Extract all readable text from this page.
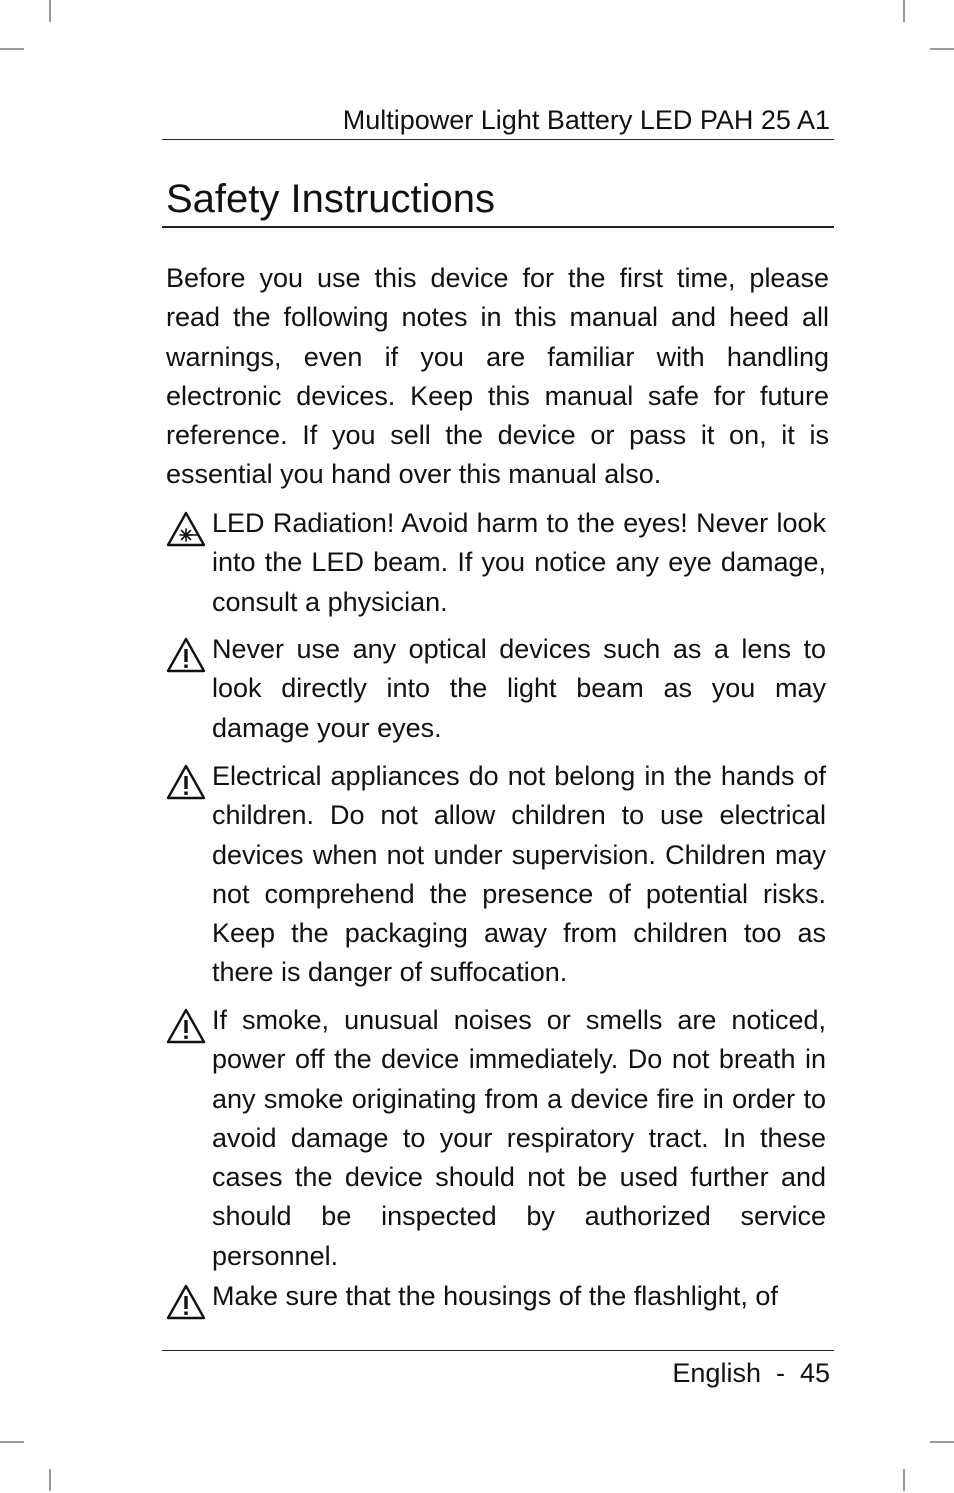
Multipower Light Battery LED PAH 25 A1
Safety Instructions

Before you use this device for the first time, please read the following notes in this manual and heed all warnings, even if you are familiar with handling electronic devices. Keep this manual safe for future reference. If you sell the device or pass it on, it is essential you hand over this manual also.

LED Radiation! Avoid harm to the eyes! Never look into the LED beam. If you notice any eye damage, consult a physician.

Never use any optical devices such as a lens to look directly into the light beam as you may damage your eyes.

Electrical appliances do not belong in the hands of children. Do not allow children to use electrical devices when not under supervision. Children may not comprehend the presence of potential risks. Keep the packaging away from children too as there is danger of suffocation.

If smoke, unusual noises or smells are noticed, power off the device immediately. Do not breath in any smoke originating from a device fire in order to avoid damage to your respiratory tract. In these cases the device should not be used further and should be inspected by authorized service personnel.

Make sure that the housings of the flashlight, of

English  -  45
